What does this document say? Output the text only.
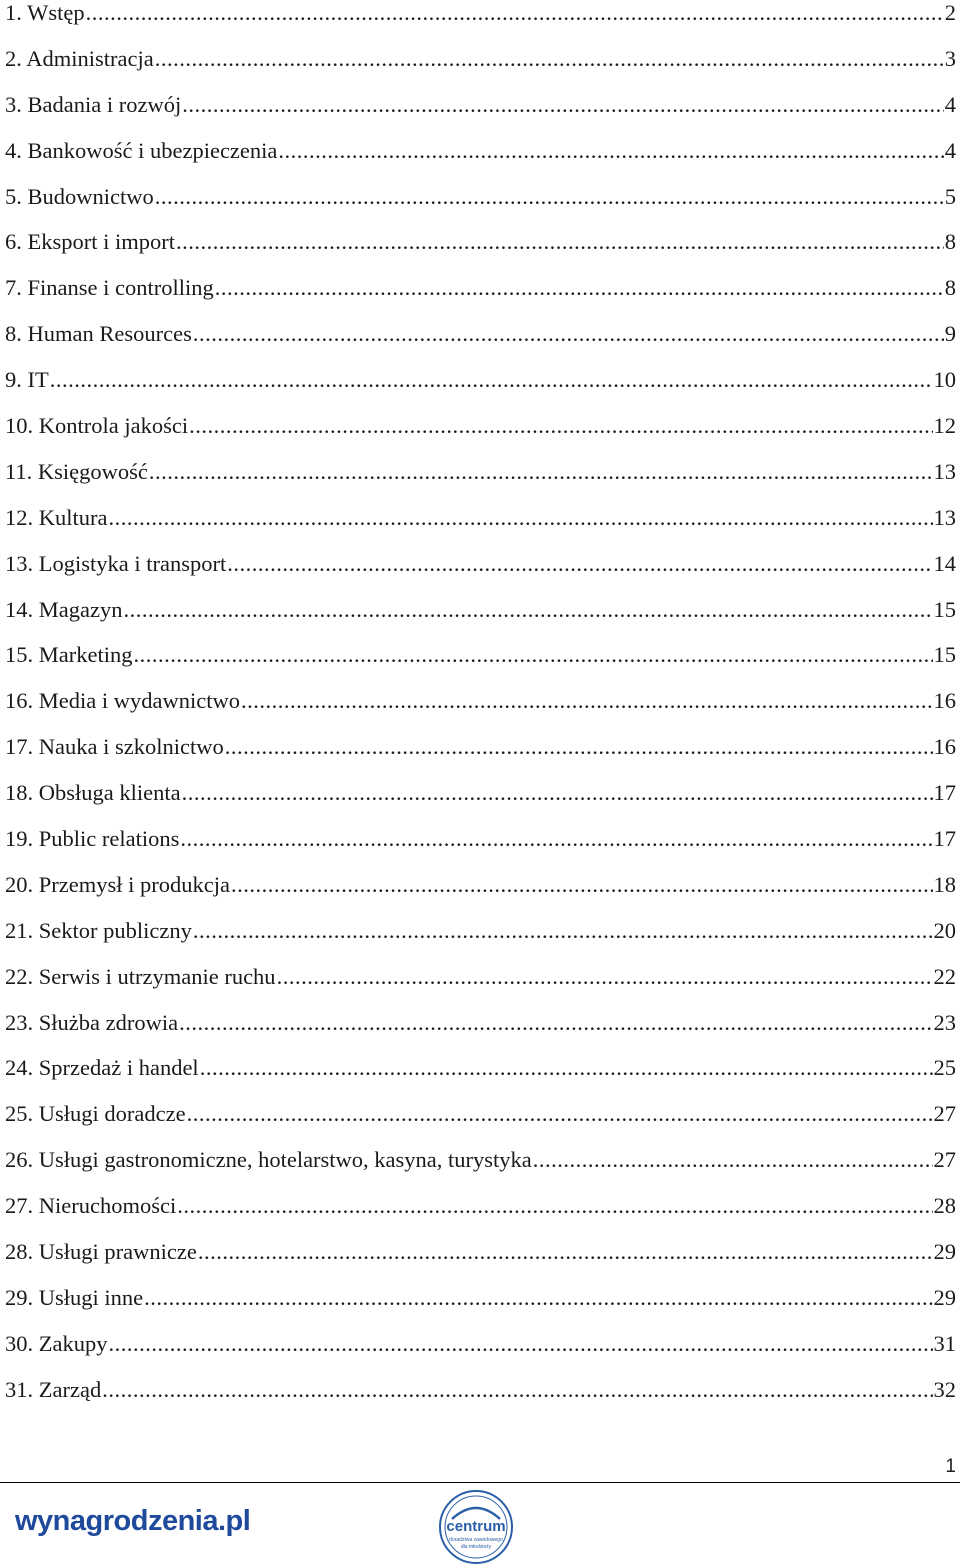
1. Wstęp .....	2
2. Administracja .....	3
3. Badania i rozwój .....	4
4. Bankowość i ubezpieczenia .....	4
5. Budownictwo .....	5
6. Eksport i import .....	8
7. Finanse i controlling .....	8
8. Human Resources .....	9
9. IT .....	10
10. Kontrola jakości .....	12
11. Księgowość .....	13
12. Kultura .....	13
13. Logistyka i transport .....	14
14. Magazyn .....	15
15. Marketing .....	15
16. Media i wydawnictwo .....	16
17. Nauka i szkolnictwo .....	16
18. Obsługa klienta .....	17
19. Public relations .....	17
20. Przemysł i produkcja .....	18
21. Sektor publiczny .....	20
22. Serwis i utrzymanie ruchu .....	22
23. Służba zdrowia .....	23
24. Sprzedaż i handel .....	25
25. Usługi doradcze .....	27
26. Usługi gastronomiczne, hotelarstwo, kasyna, turystyka .....	27
27. Nieruchomości .....	28
28. Usługi prawnicze .....	29
29. Usługi inne .....	29
30. Zakupy .....	31
31. Zarząd .....	32
1
wynagrodzenia.pl	centrum
doradztwa zawodowego
dla młodzieży
